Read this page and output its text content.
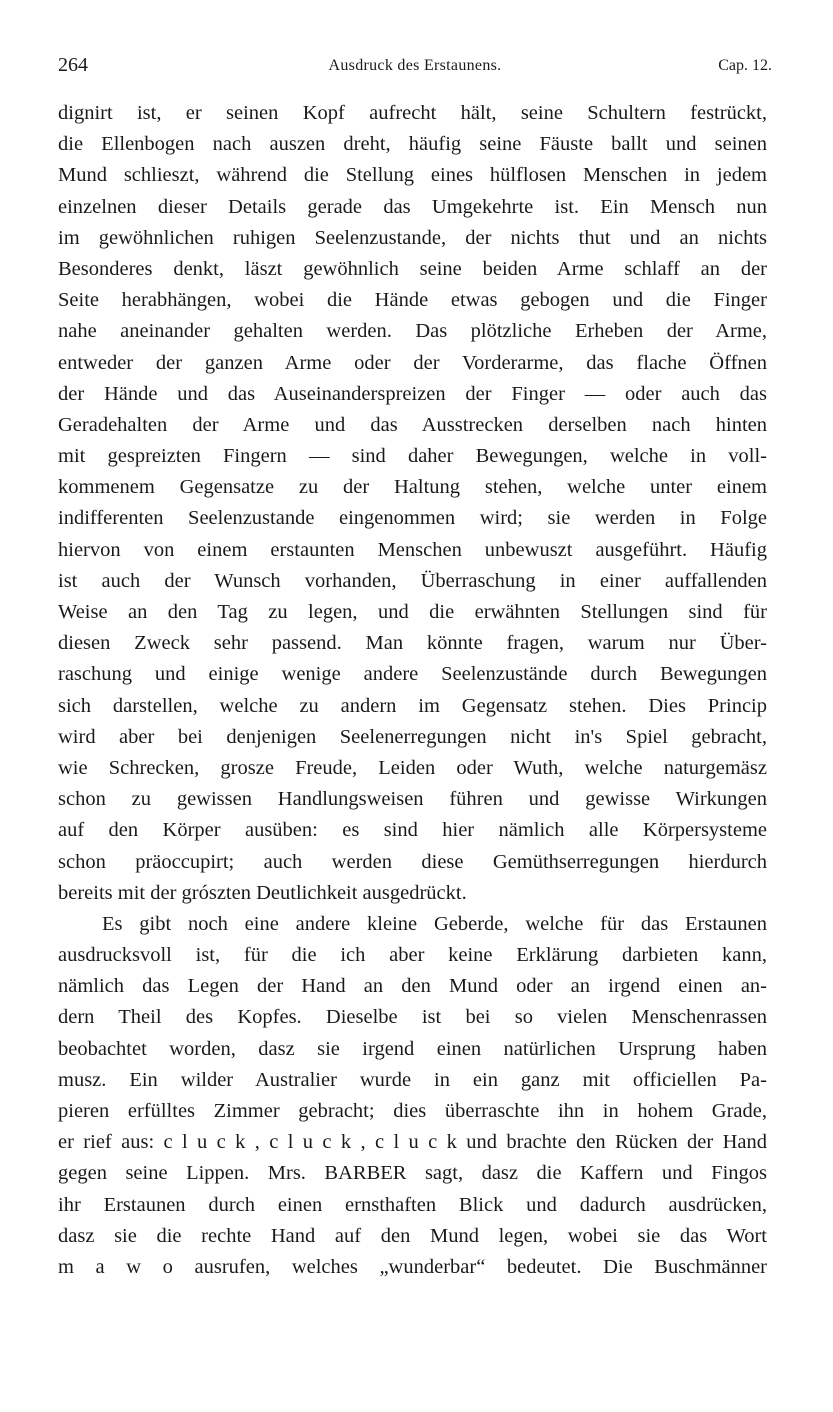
264	Ausdruck des Erstaunens.	Cap. 12.
dignirt ist, er seinen Kopf aufrecht hält, seine Schultern festrückt,
die Ellenbogen nach auszen dreht, häufig seine Fäuste ballt und seinen
Mund schlieszt, während die Stellung eines hülflosen Menschen in jedem
einzelnen dieser Details gerade das Umgekehrte ist. Ein Mensch nun
im gewöhnlichen ruhigen Seelenzustande, der nichts thut und an nichts
Besonderes denkt, läszt gewöhnlich seine beiden Arme schlaff an der
Seite herabhängen, wobei die Hände etwas gebogen und die Finger
nahe aneinander gehalten werden. Das plötzliche Erheben der Arme,
entweder der ganzen Arme oder der Vorderarme, das flache Öffnen
der Hände und das Auseinanderspreizen der Finger — oder auch das
Geradehalten der Arme und das Ausstrecken derselben nach hinten
mit gespreizten Fingern — sind daher Bewegungen, welche in voll-
kommenem Gegensatze zu der Haltung stehen, welche unter einem
indifferenten Seelenzustande eingenommen wird; sie werden in Folge
hiervon von einem erstaunten Menschen unbewuszt ausgeführt. Häufig
ist auch der Wunsch vorhanden, Überraschung in einer auffallenden
Weise an den Tag zu legen, und die erwähnten Stellungen sind für
diesen Zweck sehr passend. Man könnte fragen, warum nur Über-
raschung und einige wenige andere Seelenzustände durch Bewegungen
sich darstellen, welche zu andern im Gegensatz stehen. Dies Princip
wird aber bei denjenigen Seelenerregungen nicht in's Spiel gebracht,
wie Schrecken, grosze Freude, Leiden oder Wuth, welche naturgemäsz
schon zu gewissen Handlungsweisen führen und gewisse Wirkungen
auf den Körper ausüben: es sind hier nämlich alle Körpersysteme
schon präoccupirt; auch werden diese Gemüthserregungen hierdurch
bereits mit der grószten Deutlichkeit ausgedrückt.
Es gibt noch eine andere kleine Geberde, welche für das Erstaunen
ausdrucksvoll ist, für die ich aber keine Erklärung darbieten kann,
nämlich das Legen der Hand an den Mund oder an irgend einen an-
dern Theil des Kopfes. Dieselbe ist bei so vielen Menschenrassen
beobachtet worden, dasz sie irgend einen natürlichen Ursprung haben
musz. Ein wilder Australier wurde in ein ganz mit officiellen Pa-
pieren erfülltes Zimmer gebracht; dies überraschte ihn in hohem Grade,
er rief aus: c l u c k , c l u c k , c l u c k und brachte den Rücken der Hand
gegen seine Lippen. Mrs. BARBER sagt, dasz die Kaffern und Fingos
ihr Erstaunen durch einen ernsthaften Blick und dadurch ausdrücken,
dasz sie die rechte Hand auf den Mund legen, wobei sie das Wort
m a w o ausrufen, welches „wunderbar“ bedeutet. Die Buschmänner
